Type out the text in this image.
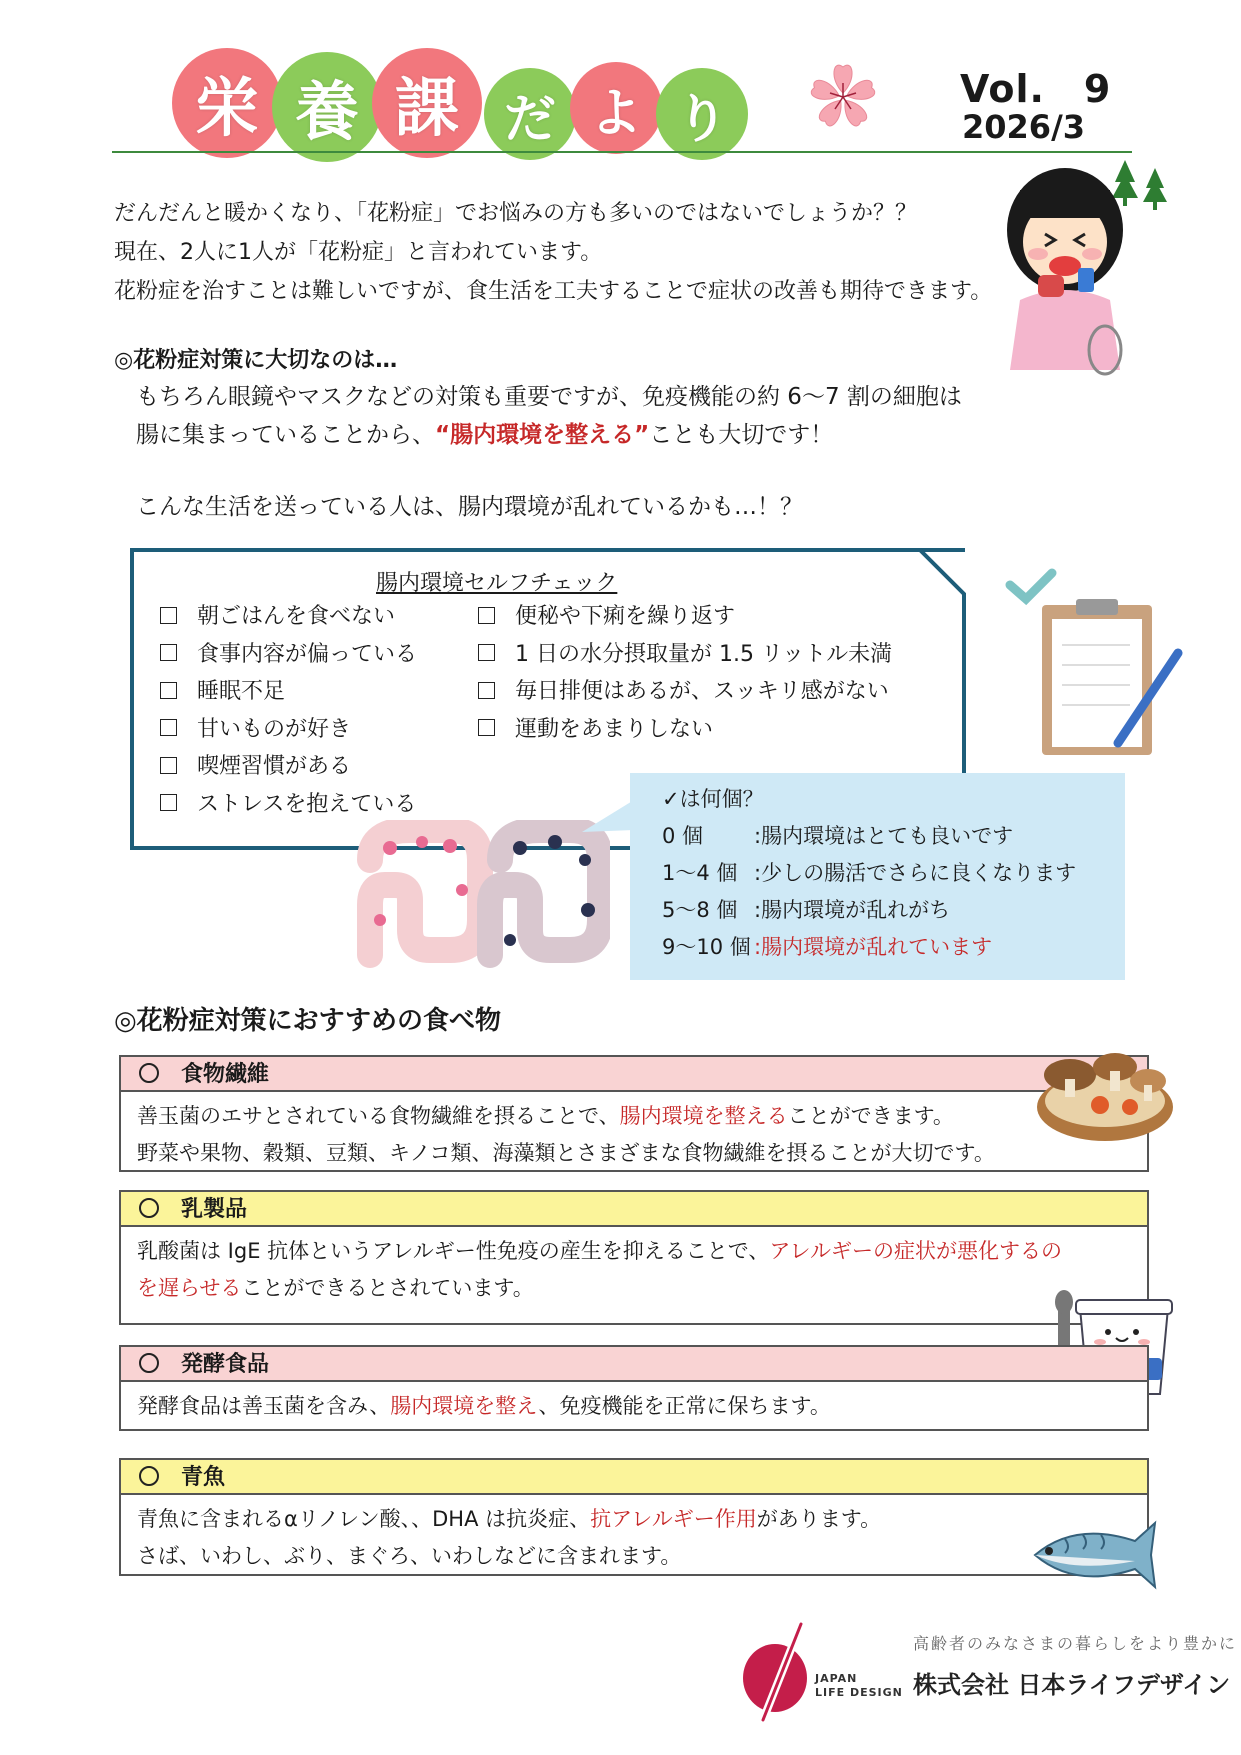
栄 養 課 だ よ り
Vol.　9
2026/3
だんだんと暖かくなり、「花粉症」でお悩みの方も多いのではないでしょうか？？
現在、2人に1人が「花粉症」と言われています。
花粉症を治すことは難しいですが、食生活を工夫することで症状の改善も期待できます。
◎花粉症対策に大切なのは…
もちろん眼鏡やマスクなどの対策も重要ですが、免疫機能の約 6～7 割の細胞は
腸に集まっていることから、“腸内環境を整える”ことも大切です！
こんな生活を送っている人は、腸内環境が乱れているかも…！？
腸内環境セルフチェック
朝ごはんを食べない
食事内容が偏っている
睡眠不足
甘いものが好き
喫煙習慣がある
ストレスを抱えている
便秘や下痢を繰り返す
1 日の水分摂取量が 1.5 リットル未満
毎日排便はあるが、スッキリ感がない
運動をあまりしない
✓は何個？
0 個 :腸内環境はとても良いです
1～4 個 :少しの腸活でさらに良くなります
5～8 個 :腸内環境が乱れがち
9～10 個 :腸内環境が乱れています
◎花粉症対策におすすめの食べ物
食物繊維
善玉菌のエサとされている食物繊維を摂ることで、腸内環境を整えることができます。
野菜や果物、穀類、豆類、キノコ類、海藻類とさまざまな食物繊維を摂ることが大切です。
乳製品
乳酸菌は IgE 抗体というアレルギー性免疫の産生を抑えることで、アレルギーの症状が悪化するの
を遅らせることができるとされています。
発酵食品
発酵食品は善玉菌を含み、腸内環境を整え、免疫機能を正常に保ちます。
青魚
青魚に含まれるαリノレン酸、、DHA は抗炎症、抗アレルギー作用があります。
さば、いわし、ぶり、まぐろ、いわしなどに含まれます。
JAPAN
LIFE DESIGN
高齢者のみなさまの暮らしをより豊かに
株式会社 日本ライフデザイン
